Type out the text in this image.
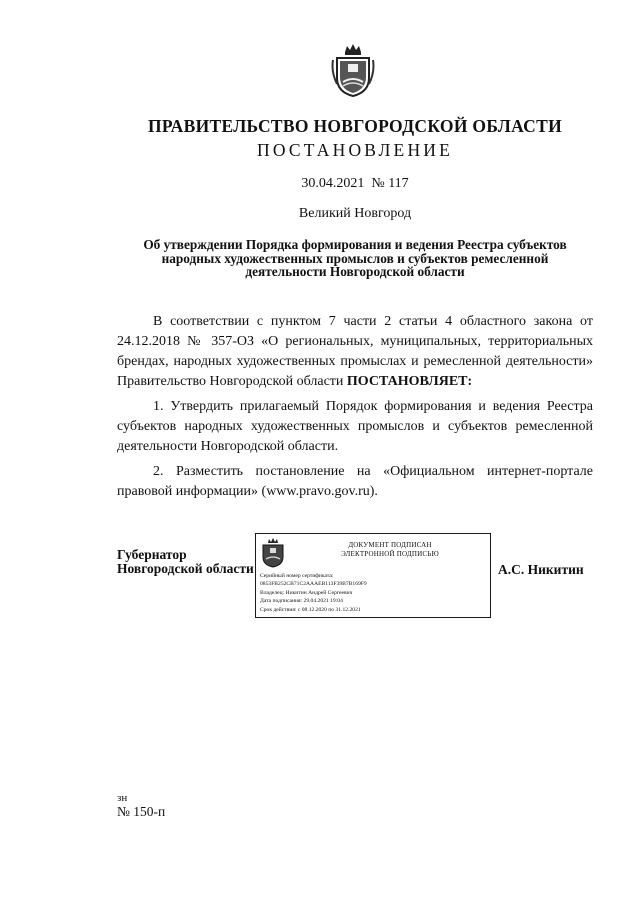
ПРАВИТЕЛЬСТВО НОВГОРОДСКОЙ ОБЛАСТИ
ПОСТАНОВЛЕНИЕ
30.04.2021 № 117
Великий Новгород
Об утверждении Порядка формирования и ведения Реестра субъектов
народных художественных промыслов и субъектов ремесленной
деятельности Новгородской области

В соответствии с пунктом 7 части 2 статьи 4 областного закона от 24.12.2018 № 357-ОЗ «О региональных, муниципальных, территориальных брендах, народных художественных промыслах и ремесленной деятельности» Правительство Новгородской области ПОСТАНОВЛЯЕТ:

1. Утвердить прилагаемый Порядок формирования и ведения Реестра субъектов народных художественных промыслов и субъектов ремесленной деятельности Новгородской области.

2. Разместить постановление на «Официальном интернет-портале правовой информации» (www.pravo.gov.ru).

Губернатор
Новгородской области
ДОКУМЕНТ ПОДПИСАН
ЭЛЕКТРОННОЙ ПОДПИСЬЮ
Серийный номер сертификата:
0853FB252CB71C2AAAEB113F39B7B169F9
Владелец: Никитин Андрей Сергеевич
Дата подписания: 29.04.2021 19:04
Срок действия: с 08.12.2020 по 31.12.2021
А.С. Никитин
зн
№ 150-п
